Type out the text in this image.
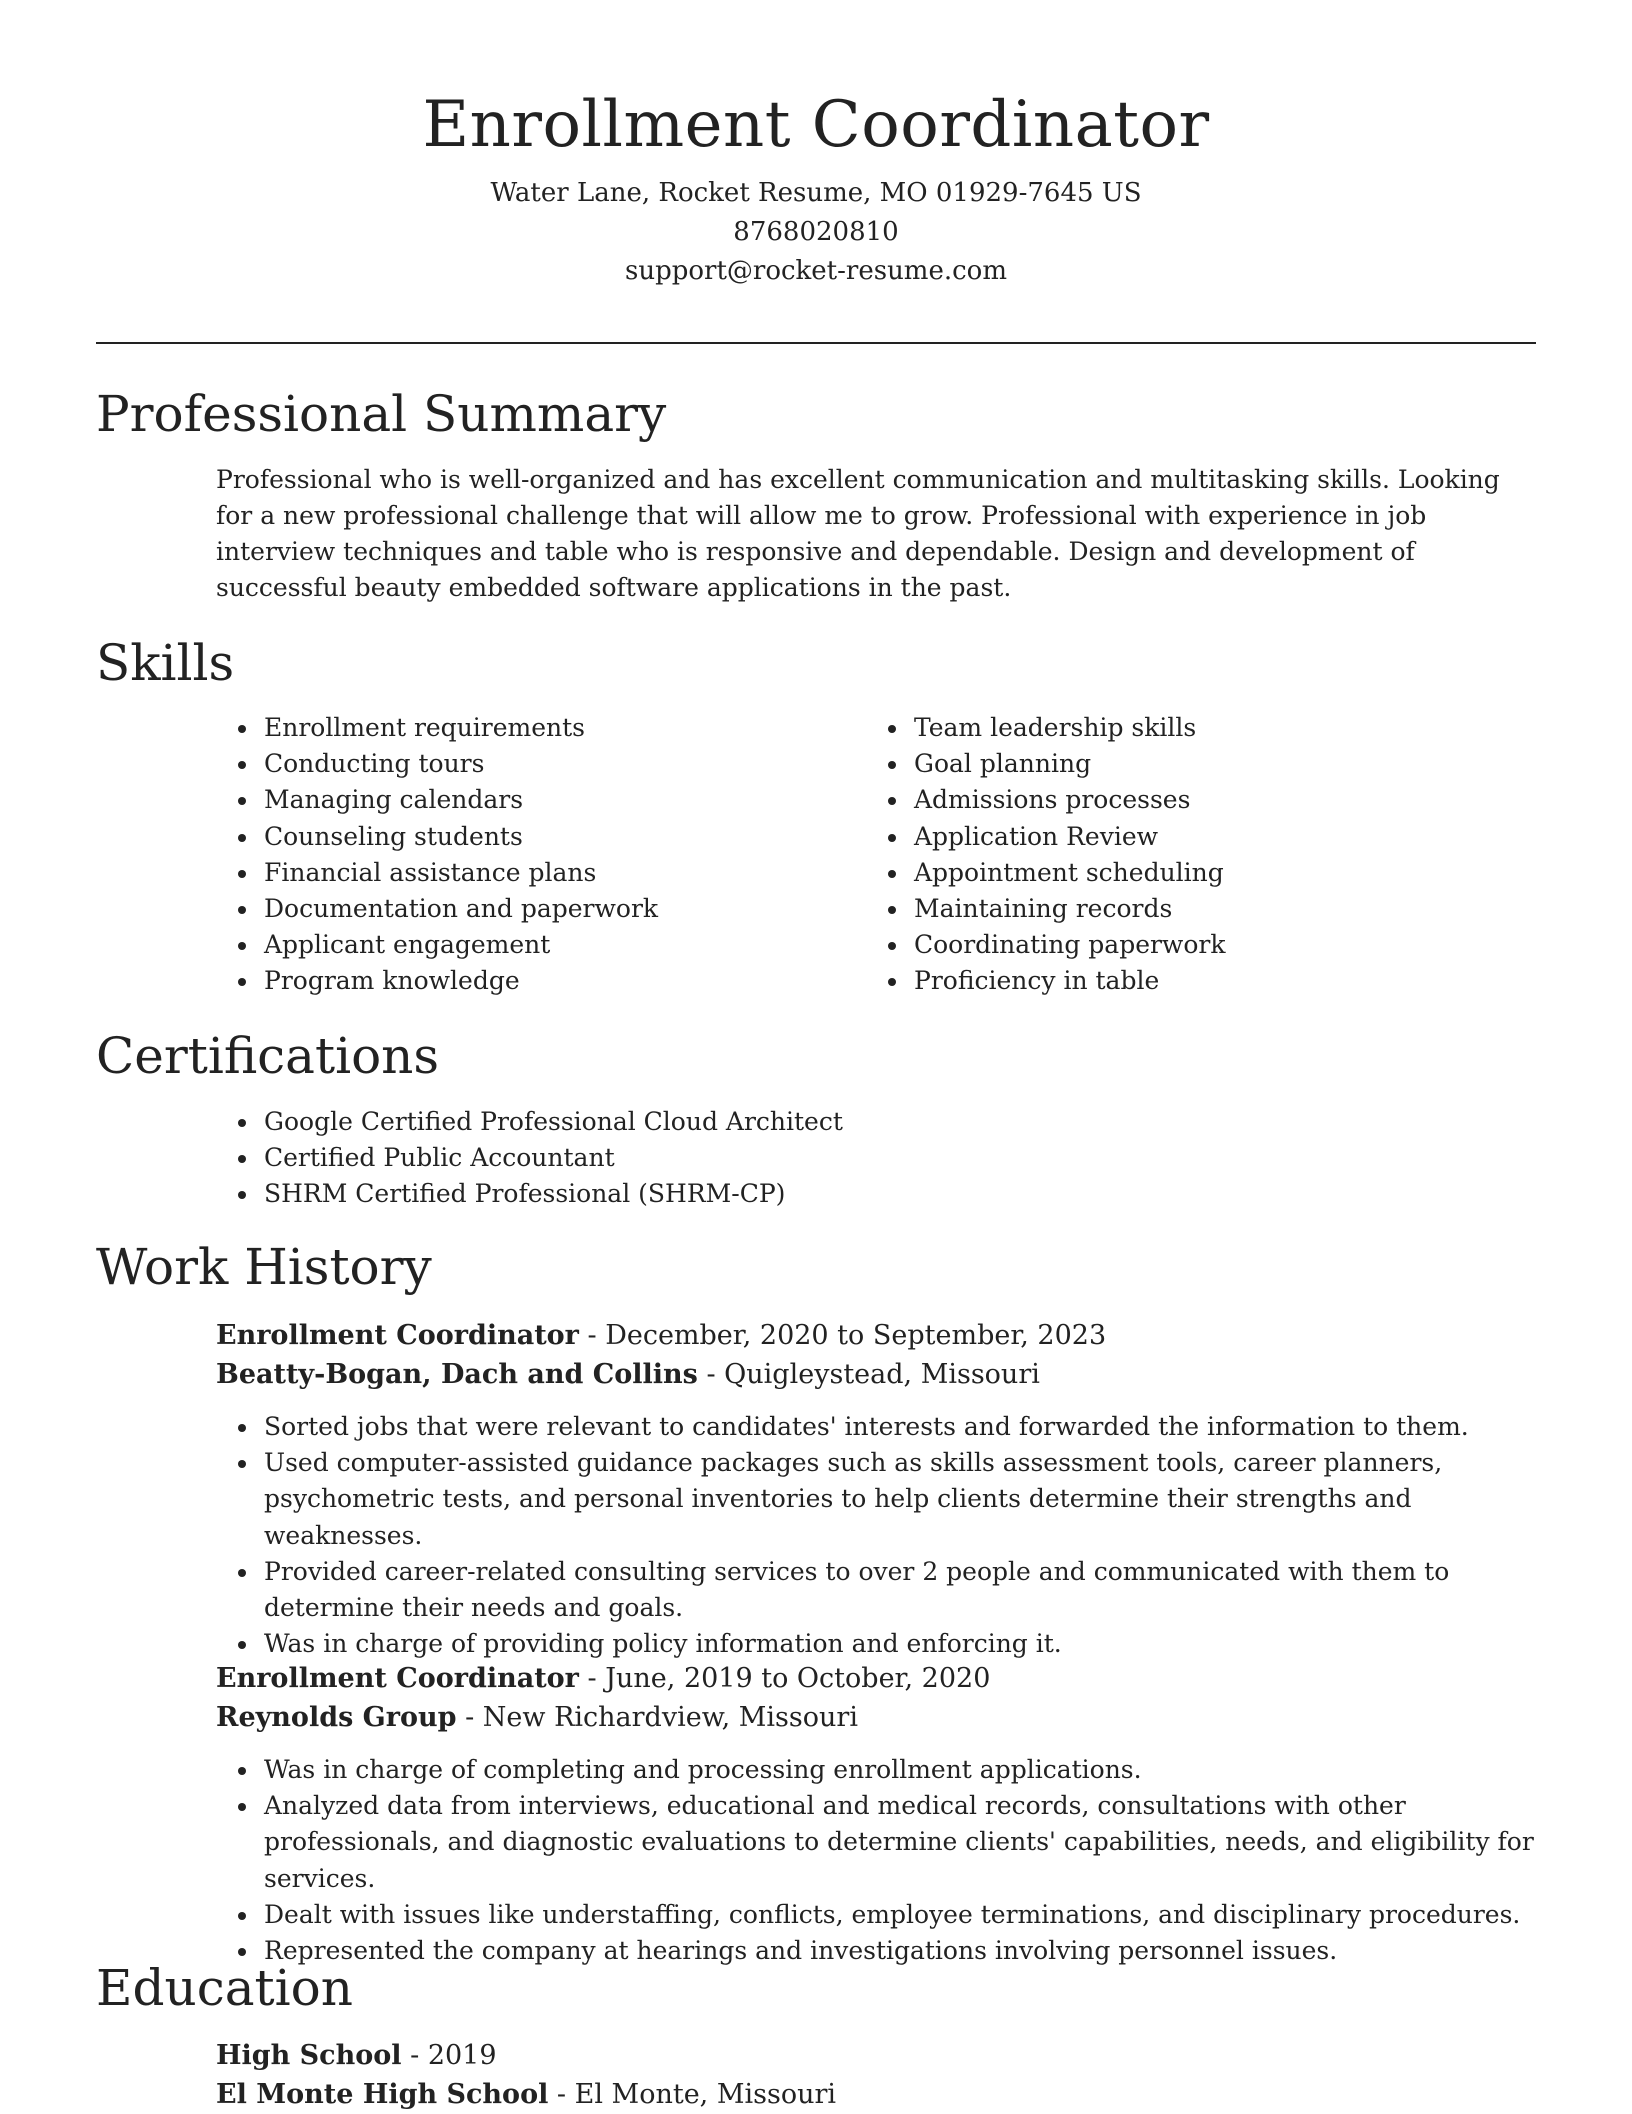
Enrollment Coordinator

Water Lane, Rocket Resume, MO 01929-7645 US

8768020810

support@rocket-resume.com

Professional Summary

Professional who is well-organized and has excellent communication and multitasking skills. Looking for a new professional challenge that will allow me to grow. Professional with experience in job interview techniques and table who is responsive and dependable. Design and development of successful beauty embedded software applications in the past.

Skills
• Enrollment requirements
• Conducting tours
• Managing calendars
• Counseling students
• Financial assistance plans
• Documentation and paperwork
• Applicant engagement
• Program knowledge
• Team leadership skills
• Goal planning
• Admissions processes
• Application Review
• Appointment scheduling
• Maintaining records
• Coordinating paperwork
• Proficiency in table
Certifications
• Google Certified Professional Cloud Architect
• Certified Public Accountant
• SHRM Certified Professional (SHRM-CP)
Work History

Enrollment Coordinator - December, 2020 to September, 2023

Beatty-Bogan, Dach and Collins - Quigleystead, Missouri

• Sorted jobs that were relevant to candidates' interests and forwarded the information to them.
• Used computer-assisted guidance packages such as skills assessment tools, career planners, psychometric tests, and personal inventories to help clients determine their strengths and weaknesses.
• Provided career-related consulting services to over 2 people and communicated with them to determine their needs and goals.
• Was in charge of providing policy information and enforcing it.

Enrollment Coordinator - June, 2019 to October, 2020

Reynolds Group - New Richardview, Missouri

• Was in charge of completing and processing enrollment applications.
• Analyzed data from interviews, educational and medical records, consultations with other professionals, and diagnostic evaluations to determine clients' capabilities, needs, and eligibility for services.
• Dealt with issues like understaffing, conflicts, employee terminations, and disciplinary procedures.
• Represented the company at hearings and investigations involving personnel issues.
Education

High School - 2019

El Monte High School - El Monte, Missouri
